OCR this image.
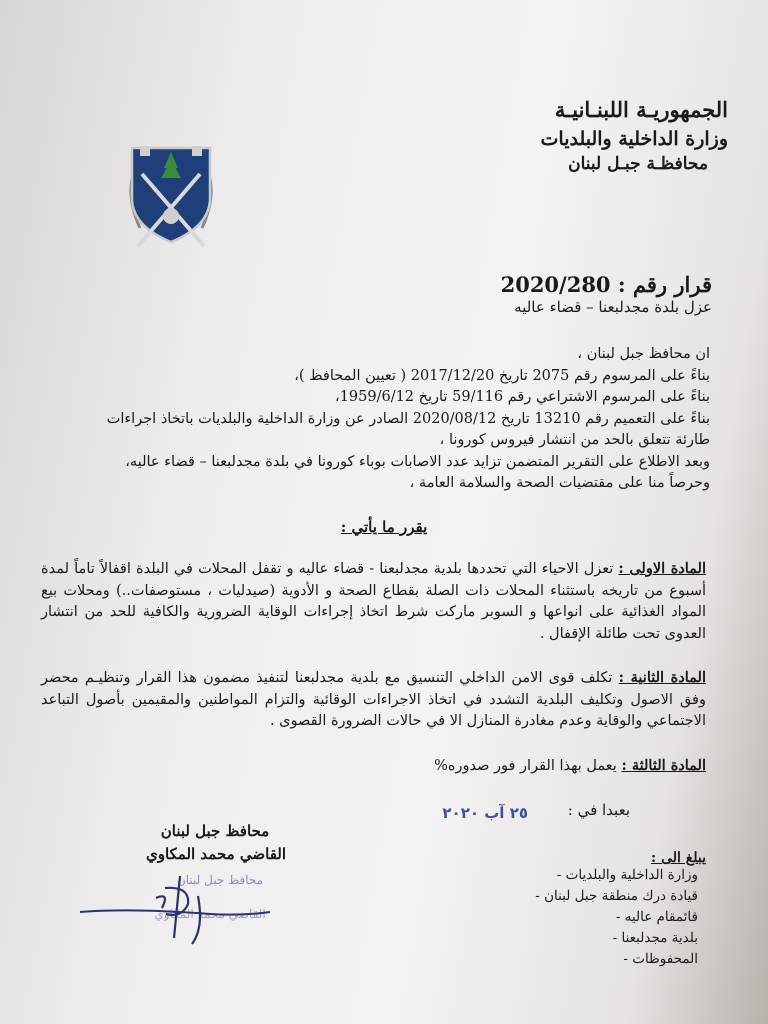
الجمهوريـة اللبنـانيـة
وزارة الداخلية والبلديات
محافظـة جبـل لبنان
قرار رقم : 2020/280
عزل بلدة مجدلبعنا – قضاء عاليه
ان محافظ جبل لبنان ،
بناءً على المرسوم رقم 2075 تاريخ 2017/12/20 ( تعيين المحافظ )،
بناءً على المرسوم الاشتراعي رقم 59/116 تاريخ 1959/6/12،
بناءً على التعميم رقم 13210 تاريخ 2020/08/12 الصادر عن وزارة الداخلية والبلديات باتخاذ اجراءات
طارئة تتعلق بالحد من انتشار فيروس كورونا ،
وبعد الاطلاع على التقرير المتضمن تزايد عدد الاصابات بوباء كورونا في بلدة مجدلبعنا – قضاء عاليه،
وحرصاً منا على مقتضيات الصحة والسلامة العامة ،
يقرر ما يأتي :
المادة الاولى : تعزل الاحياء التي تحددها بلدية مجدلبعنا - قضاء عاليه و تقفل المحلات في البلدة اقفالاً تاماً لمدة أسبوع من تاريخه باستثناء المحلات ذات الصلة بقطاع الصحة و الأدوية (صيدليات ، مستوصفات..) ومحلات بيع المواد الغذائية على انواعها و السوبر ماركت شرط اتخاذ إجراءات الوقاية الضرورية والكافية للحد من انتشار العدوى تحت طائلة الإقفال .
المادة الثانية : تكلف قوى الامن الداخلي التنسيق مع بلدية مجدلبعنا لتنفيذ مضمون هذا القرار وتنظيـم محضر وفق الاصول وتكليف البلدية التشدد في اتخاذ الاجراءات الوقائية والتزام المواطنين والمقيمين بأصول التباعد الاجتماعي والوقاية وعدم مغادرة المنازل الا في حالات الضرورة القصوى .
المادة الثالثة : يعمل بهذا القرار فور صدوره%
بعبدا في :
٢٥ آب ٢٠٢٠
محافظ جبل لبنان
القاضي محمد المكاوي
محافظ جبل لبنان
القاضي محمد المكاوي
يبلغ الى :
وزارة الداخلية والبلديات -
قيادة درك منطقة جبل لبنان -
قائمقام عاليه -
بلدية مجدلبعنا -
المحفوظات -
